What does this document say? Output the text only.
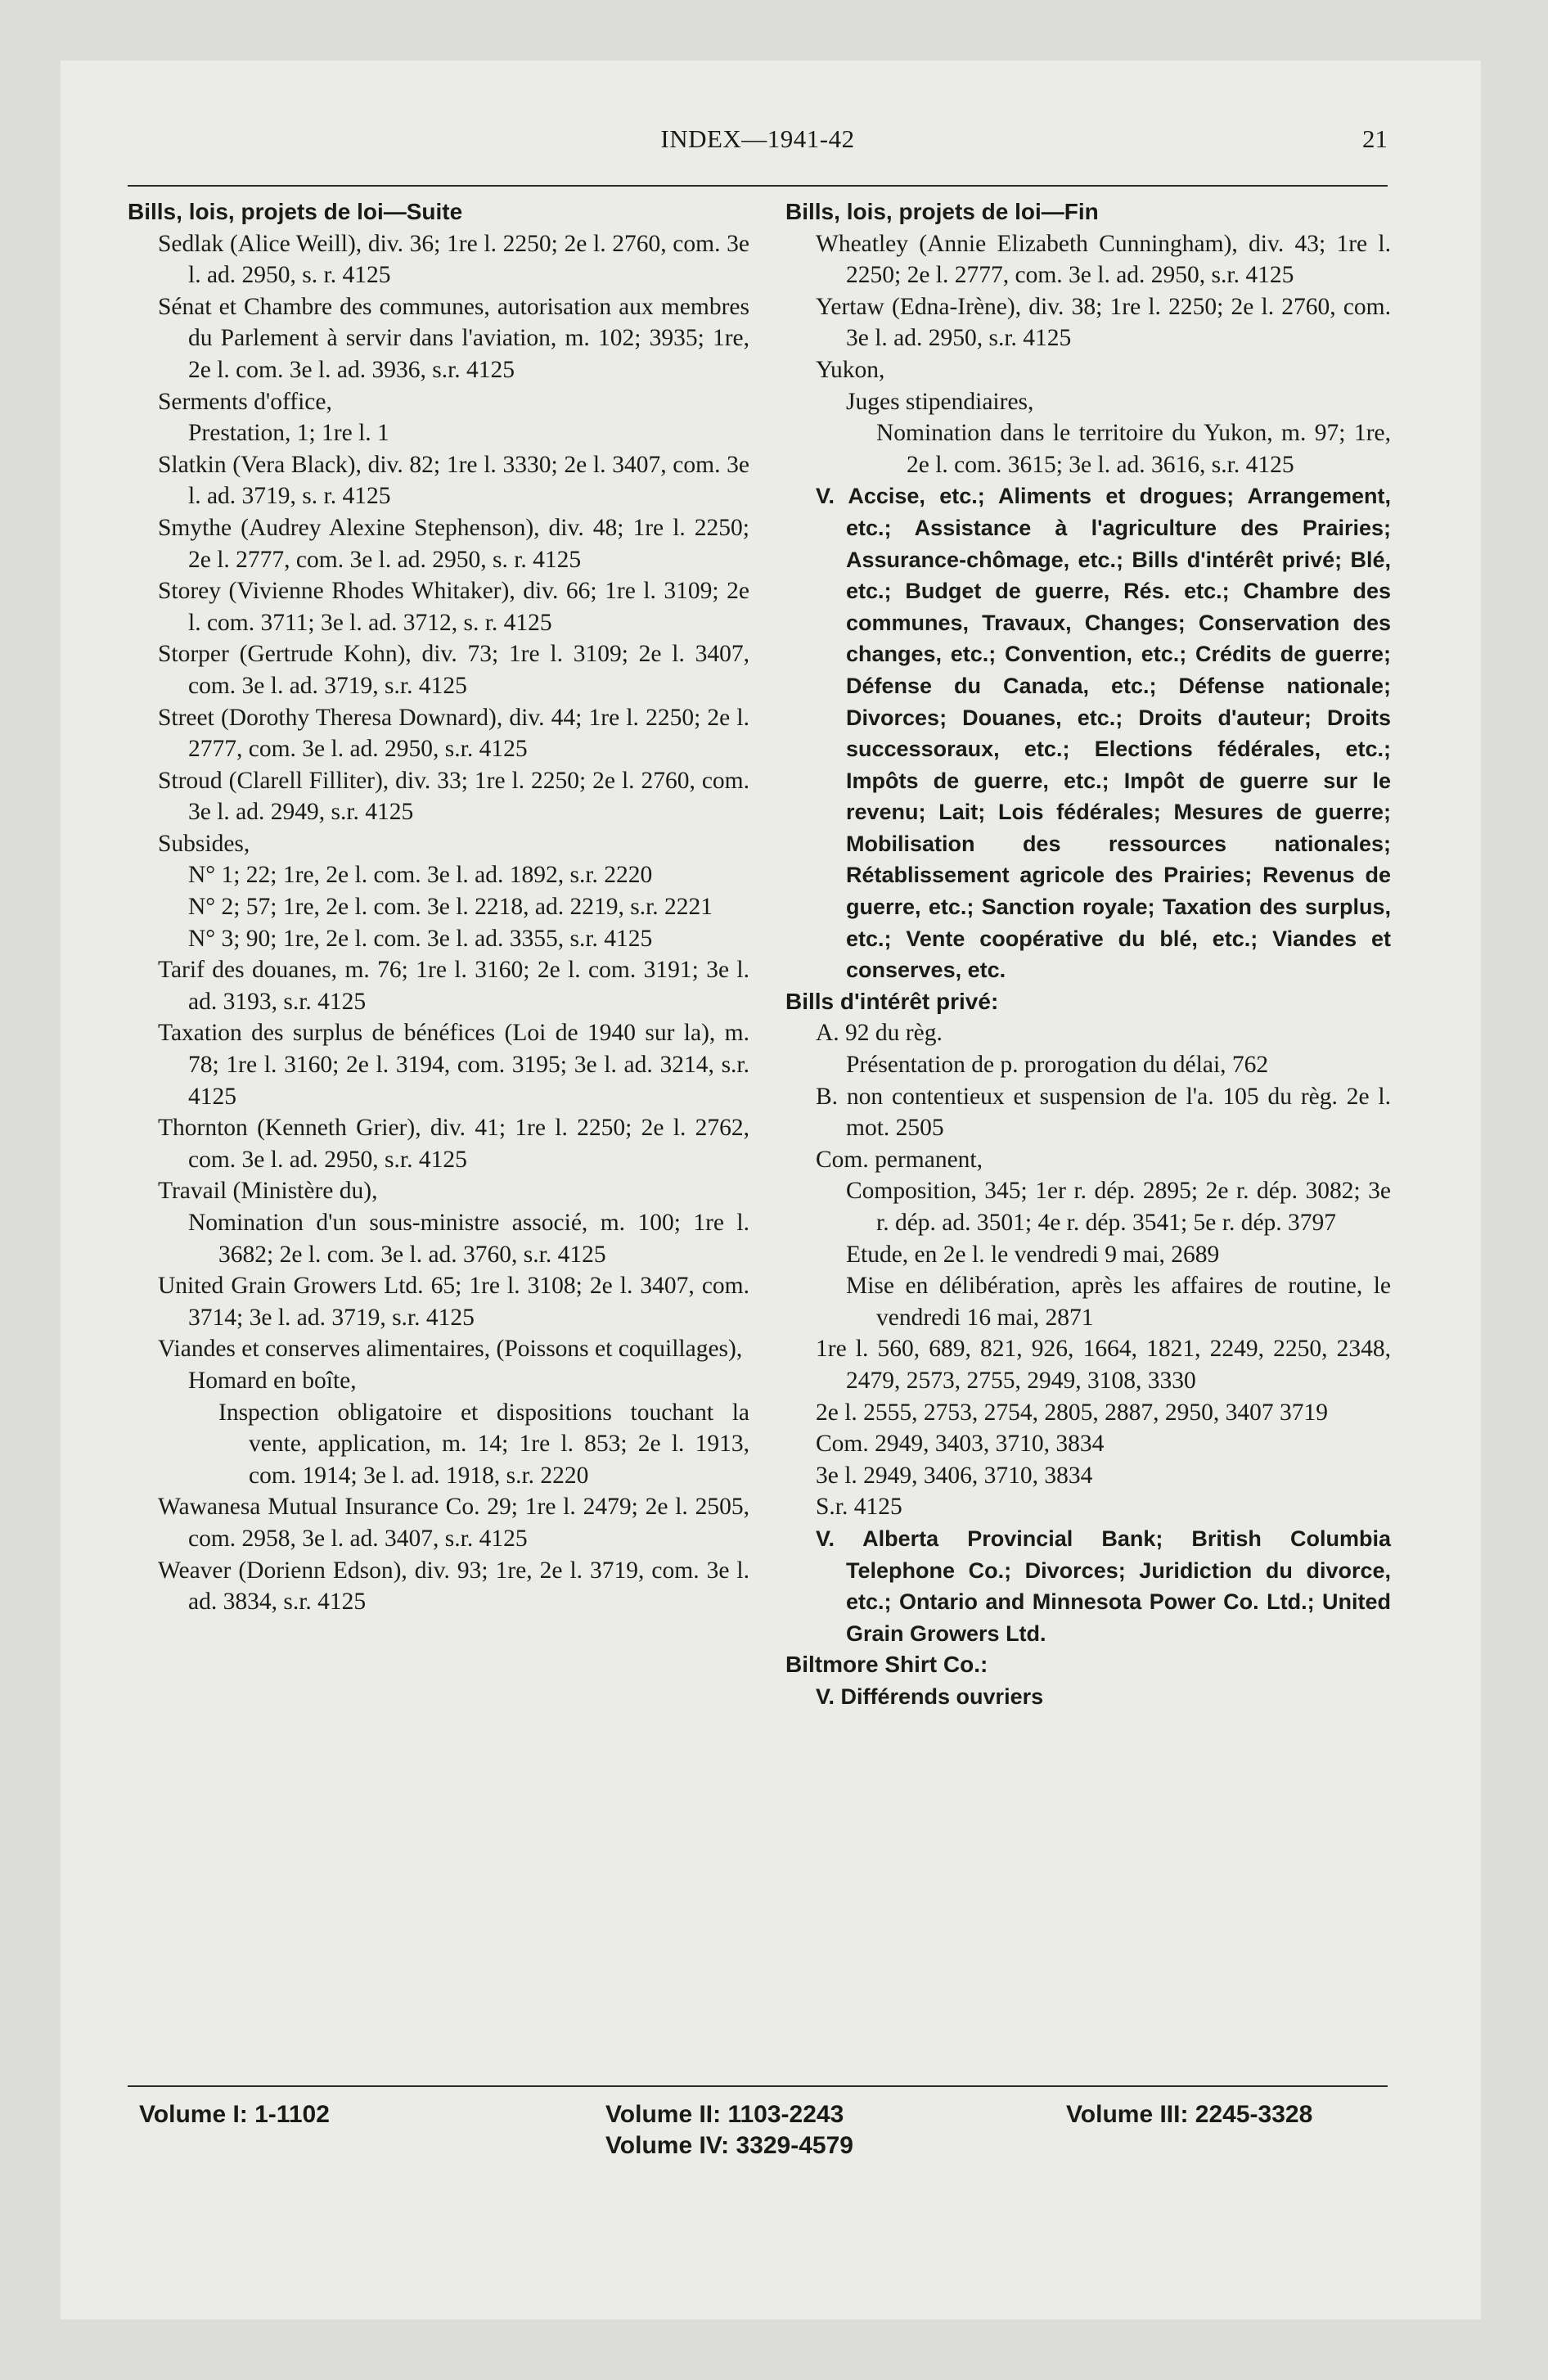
INDEX—1941-42	21
Bills, lois, projets de loi—Suite
Sedlak (Alice Weill), div. 36; 1re l. 2250; 2e l. 2760, com. 3e l. ad. 2950, s. r. 4125
Sénat et Chambre des communes, autorisation aux membres du Parlement à servir dans l'aviation, m. 102; 3935; 1re, 2e l. com. 3e l. ad. 3936, s.r. 4125
Serments d'office,
Prestation, 1; 1re l. 1
Slatkin (Vera Black), div. 82; 1re l. 3330; 2e l. 3407, com. 3e l. ad. 3719, s. r. 4125
Smythe (Audrey Alexine Stephenson), div. 48; 1re l. 2250; 2e l. 2777, com. 3e l. ad. 2950, s. r. 4125
Storey (Vivienne Rhodes Whitaker), div. 66; 1re l. 3109; 2e l. com. 3711; 3e l. ad. 3712, s. r. 4125
Storper (Gertrude Kohn), div. 73; 1re l. 3109; 2e l. 3407, com. 3e l. ad. 3719, s.r. 4125
Street (Dorothy Theresa Downard), div. 44; 1re l. 2250; 2e l. 2777, com. 3e l. ad. 2950, s.r. 4125
Stroud (Clarell Filliter), div. 33; 1re l. 2250; 2e l. 2760, com. 3e l. ad. 2949, s.r. 4125
Subsides,
N° 1; 22; 1re, 2e l. com. 3e l. ad. 1892, s.r. 2220
N° 2; 57; 1re, 2e l. com. 3e l. 2218, ad. 2219, s.r. 2221
N° 3; 90; 1re, 2e l. com. 3e l. ad. 3355, s.r. 4125
Tarif des douanes, m. 76; 1re l. 3160; 2e l. com. 3191; 3e l. ad. 3193, s.r. 4125
Taxation des surplus de bénéfices (Loi de 1940 sur la), m. 78; 1re l. 3160; 2e l. 3194, com. 3195; 3e l. ad. 3214, s.r. 4125
Thornton (Kenneth Grier), div. 41; 1re l. 2250; 2e l. 2762, com. 3e l. ad. 2950, s.r. 4125
Travail (Ministère du),
Nomination d'un sous-ministre associé, m. 100; 1re l. 3682; 2e l. com. 3e l. ad. 3760, s.r. 4125
United Grain Growers Ltd. 65; 1re l. 3108; 2e l. 3407, com. 3714; 3e l. ad. 3719, s.r. 4125
Viandes et conserves alimentaires, (Poissons et coquillages),
Homard en boîte,
Inspection obligatoire et dispositions touchant la vente, application, m. 14; 1re l. 853; 2e l. 1913, com. 1914; 3e l. ad. 1918, s.r. 2220
Wawanesa Mutual Insurance Co. 29; 1re l. 2479; 2e l. 2505, com. 2958, 3e l. ad. 3407, s.r. 4125
Weaver (Dorienn Edson), div. 93; 1re, 2e l. 3719, com. 3e l. ad. 3834, s.r. 4125
Bills, lois, projets de loi—Fin
Wheatley (Annie Elizabeth Cunningham), div. 43; 1re l. 2250; 2e l. 2777, com. 3e l. ad. 2950, s.r. 4125
Yertaw (Edna-Irène), div. 38; 1re l. 2250; 2e l. 2760, com. 3e l. ad. 2950, s.r. 4125
Yukon,
Juges stipendiaires,
Nomination dans le territoire du Yukon, m. 97; 1re, 2e l. com. 3615; 3e l. ad. 3616, s.r. 4125
V. Accise, etc.; Aliments et drogues; Arrangement, etc.; Assistance à l'agriculture des Prairies; Assurance-chômage, etc.; Bills d'intérêt privé; Blé, etc.; Budget de guerre, Rés. etc.; Chambre des communes, Travaux, Changes; Conservation des changes, etc.; Convention, etc.; Crédits de guerre; Défense du Canada, etc.; Défense nationale; Divorces; Douanes, etc.; Droits d'auteur; Droits successoraux, etc.; Elections fédérales, etc.; Impôts de guerre, etc.; Impôt de guerre sur le revenu; Lait; Lois fédérales; Mesures de guerre; Mobilisation des ressources nationales; Rétablissement agricole des Prairies; Revenus de guerre, etc.; Sanction royale; Taxation des surplus, etc.; Vente coopérative du blé, etc.; Viandes et conserves, etc.
Bills d'intérêt privé:
A. 92 du règ.
Présentation de p. prorogation du délai, 762
B. non contentieux et suspension de l'a. 105 du règ. 2e l. mot. 2505
Com. permanent,
Composition, 345; 1er r. dép. 2895; 2e r. dép. 3082; 3e r. dép. ad. 3501; 4e r. dép. 3541; 5e r. dép. 3797
Etude, en 2e l. le vendredi 9 mai, 2689
Mise en délibération, après les affaires de routine, le vendredi 16 mai, 2871
1re l. 560, 689, 821, 926, 1664, 1821, 2249, 2250, 2348, 2479, 2573, 2755, 2949, 3108, 3330
2e l. 2555, 2753, 2754, 2805, 2887, 2950, 3407 3719
Com. 2949, 3403, 3710, 3834
3e l. 2949, 3406, 3710, 3834
S.r. 4125
V. Alberta Provincial Bank; British Columbia Telephone Co.; Divorces; Juridiction du divorce, etc.; Ontario and Minnesota Power Co. Ltd.; United Grain Growers Ltd.
Biltmore Shirt Co.:
V. Différends ouvriers
Volume I: 1-1102	Volume II: 1103-2243
Volume IV: 3329-4579
Volume III: 2245-3328
